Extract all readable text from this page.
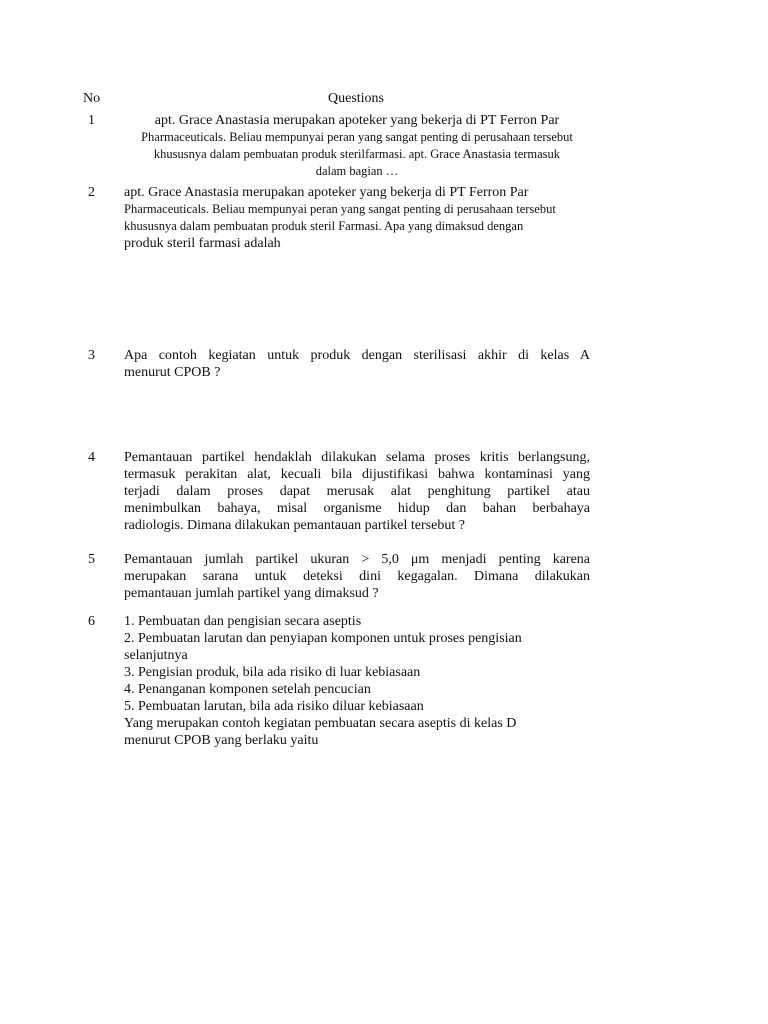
No	Questions
1	apt. Grace Anastasia merupakan apoteker yang bekerja di PT Ferron Par
Pharmaceuticals. Beliau mempunyai peran yang sangat penting di perusahaan tersebut
khususnya dalam pembuatan produk sterilfarmasi. apt. Grace Anastasia termasuk
dalam bagian …
2 apt. Grace Anastasia merupakan apoteker yang bekerja di PT Ferron Par
Pharmaceuticals. Beliau mempunyai peran yang sangat penting di perusahaan tersebut
khususnya dalam pembuatan produk steril Farmasi. Apa yang dimaksud dengan
produk steril farmasi adalah
3 Apa contoh kegiatan untuk produk dengan sterilisasi akhir di kelas A
menurut CPOB ?
4 Pemantauan partikel hendaklah dilakukan selama proses kritis berlangsung,
termasuk perakitan alat, kecuali bila dijustifikasi bahwa kontaminasi yang
terjadi dalam proses dapat merusak alat penghitung partikel atau
menimbulkan bahaya, misal organisme hidup dan bahan berbahaya
radiologis. Dimana dilakukan pemantauan partikel tersebut ?
5 Pemantauan jumlah partikel ukuran > 5,0 μm menjadi penting karena
merupakan sarana untuk deteksi dini kegagalan. Dimana dilakukan
pemantauan jumlah partikel yang dimaksud ?
6 1. Pembuatan dan pengisian secara aseptis
2. Pembuatan larutan dan penyiapan komponen untuk proses pengisian
selanjutnya
3. Pengisian produk, bila ada risiko di luar kebiasaan
4. Penanganan komponen setelah pencucian
5. Pembuatan larutan, bila ada risiko diluar kebiasaan
Yang merupakan contoh kegiatan pembuatan secara aseptis di kelas D
menurut CPOB yang berlaku yaitu
